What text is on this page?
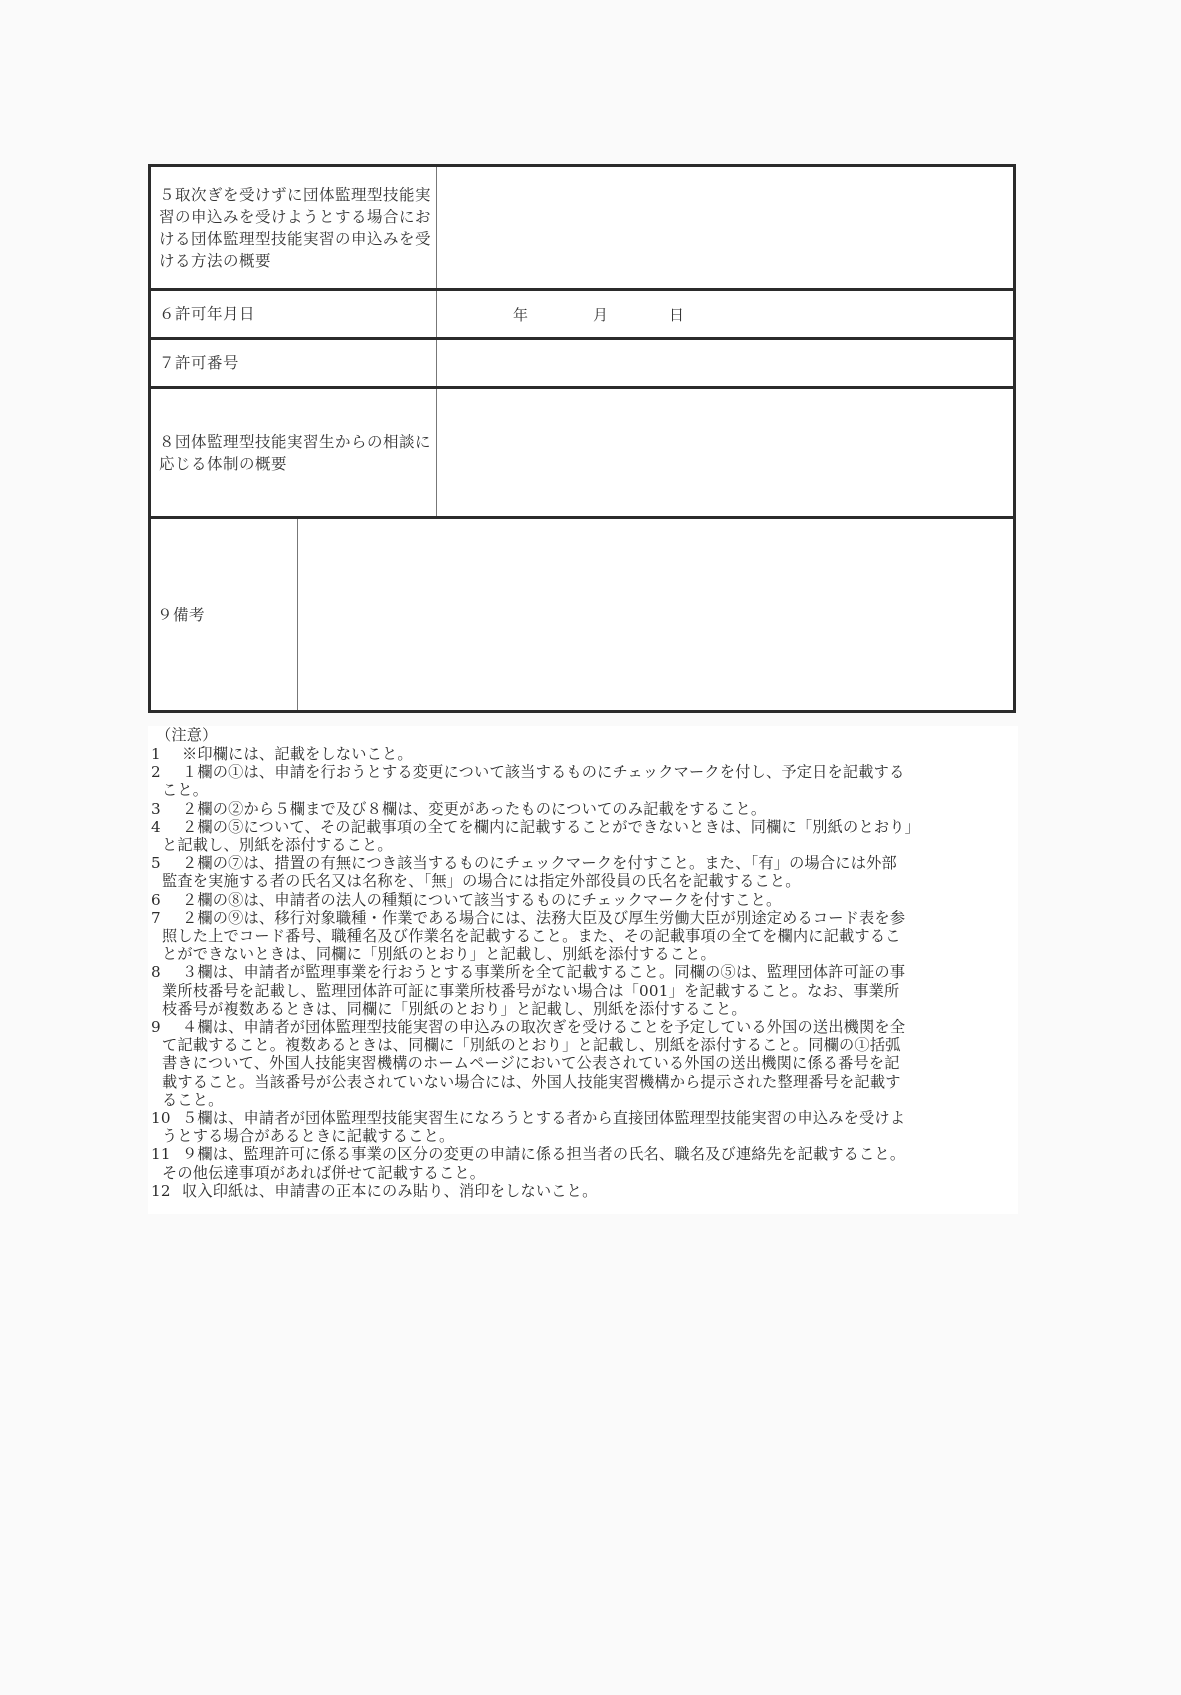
５取次ぎを受けずに団体監理型技能実習の申込みを受けようとする場合における団体監理型技能実習の申込みを受ける方法の概要
６許可年月日	年	月	日
７許可番号
８団体監理型技能実習生からの相談に応じる体制の概要
９備考
（注意）
1	※印欄には、記載をしないこと。
2	１欄の①は、申請を行おうとする変更について該当するものにチェックマークを付し、予定日を記載する
こと。
3	２欄の②から５欄まで及び８欄は、変更があったものについてのみ記載をすること。
4	２欄の⑤について、その記載事項の全てを欄内に記載することができないときは、同欄に「別紙のとおり」
と記載し、別紙を添付すること。
5	２欄の⑦は、措置の有無につき該当するものにチェックマークを付すこと。また、「有」の場合には外部
監査を実施する者の氏名又は名称を、「無」の場合には指定外部役員の氏名を記載すること。
6	２欄の⑧は、申請者の法人の種類について該当するものにチェックマークを付すこと。
7	２欄の⑨は、移行対象職種・作業である場合には、法務大臣及び厚生労働大臣が別途定めるコード表を参
照した上でコード番号、職種名及び作業名を記載すること。また、その記載事項の全てを欄内に記載するこ
とができないときは、同欄に「別紙のとおり」と記載し、別紙を添付すること。
8	３欄は、申請者が監理事業を行おうとする事業所を全て記載すること。同欄の⑤は、監理団体許可証の事
業所枝番号を記載し、監理団体許可証に事業所枝番号がない場合は「001」を記載すること。なお、事業所
枝番号が複数あるときは、同欄に「別紙のとおり」と記載し、別紙を添付すること。
9	４欄は、申請者が団体監理型技能実習の申込みの取次ぎを受けることを予定している外国の送出機関を全
て記載すること。複数あるときは、同欄に「別紙のとおり」と記載し、別紙を添付すること。同欄の①括弧
書きについて、外国人技能実習機構のホームページにおいて公表されている外国の送出機関に係る番号を記
載すること。当該番号が公表されていない場合には、外国人技能実習機構から提示された整理番号を記載す
ること。
10 ５欄は、申請者が団体監理型技能実習生になろうとする者から直接団体監理型技能実習の申込みを受けよ
うとする場合があるときに記載すること。
11 ９欄は、監理許可に係る事業の区分の変更の申請に係る担当者の氏名、職名及び連絡先を記載すること。
その他伝達事項があれば併せて記載すること。
12 収入印紙は、申請書の正本にのみ貼り、消印をしないこと。
